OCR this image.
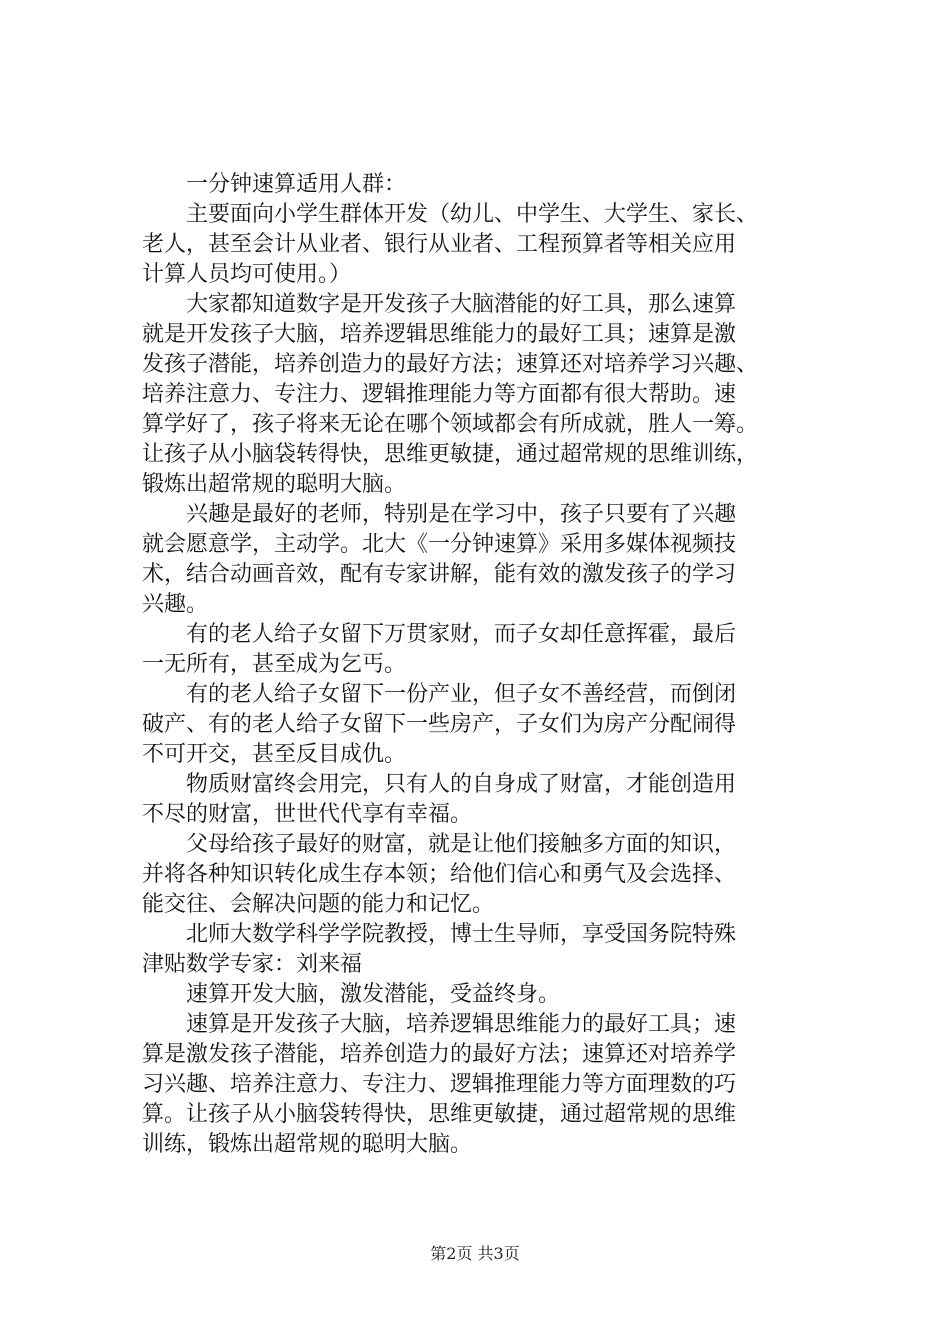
一分钟速算适用人群：
主要面向小学生群体开发（幼儿、中学生、大学生、家长、
老人，甚至会计从业者、银行从业者、工程预算者等相关应用
计算人员均可使用。）
大家都知道数字是开发孩子大脑潜能的好工具，那么速算
就是开发孩子大脑，培养逻辑思维能力的最好工具；速算是激
发孩子潜能，培养创造力的最好方法；速算还对培养学习兴趣、
培养注意力、专注力、逻辑推理能力等方面都有很大帮助。速
算学好了，孩子将来无论在哪个领域都会有所成就，胜人一筹。
让孩子从小脑袋转得快，思维更敏捷，通过超常规的思维训练，
锻炼出超常规的聪明大脑。
兴趣是最好的老师，特别是在学习中，孩子只要有了兴趣
就会愿意学，主动学。北大《一分钟速算》采用多媒体视频技
术，结合动画音效，配有专家讲解，能有效的激发孩子的学习
兴趣。
有的老人给子女留下万贯家财，而子女却任意挥霍，最后
一无所有，甚至成为乞丐。
有的老人给子女留下一份产业，但子女不善经营，而倒闭
破产、有的老人给子女留下一些房产，子女们为房产分配闹得
不可开交，甚至反目成仇。
物质财富终会用完，只有人的自身成了财富，才能创造用
不尽的财富，世世代代享有幸福。
父母给孩子最好的财富，就是让他们接触多方面的知识，
并将各种知识转化成生存本领；给他们信心和勇气及会选择、
能交往、会解决问题的能力和记忆。
北师大数学科学学院教授，博士生导师，享受国务院特殊
津贴数学专家：刘来福
速算开发大脑，激发潜能，受益终身。
速算是开发孩子大脑，培养逻辑思维能力的最好工具；速
算是激发孩子潜能，培养创造力的最好方法；速算还对培养学
习兴趣、培养注意力、专注力、逻辑推理能力等方面理数的巧
算。让孩子从小脑袋转得快，思维更敏捷，通过超常规的思维
训练，锻炼出超常规的聪明大脑。
第2页 共3页
